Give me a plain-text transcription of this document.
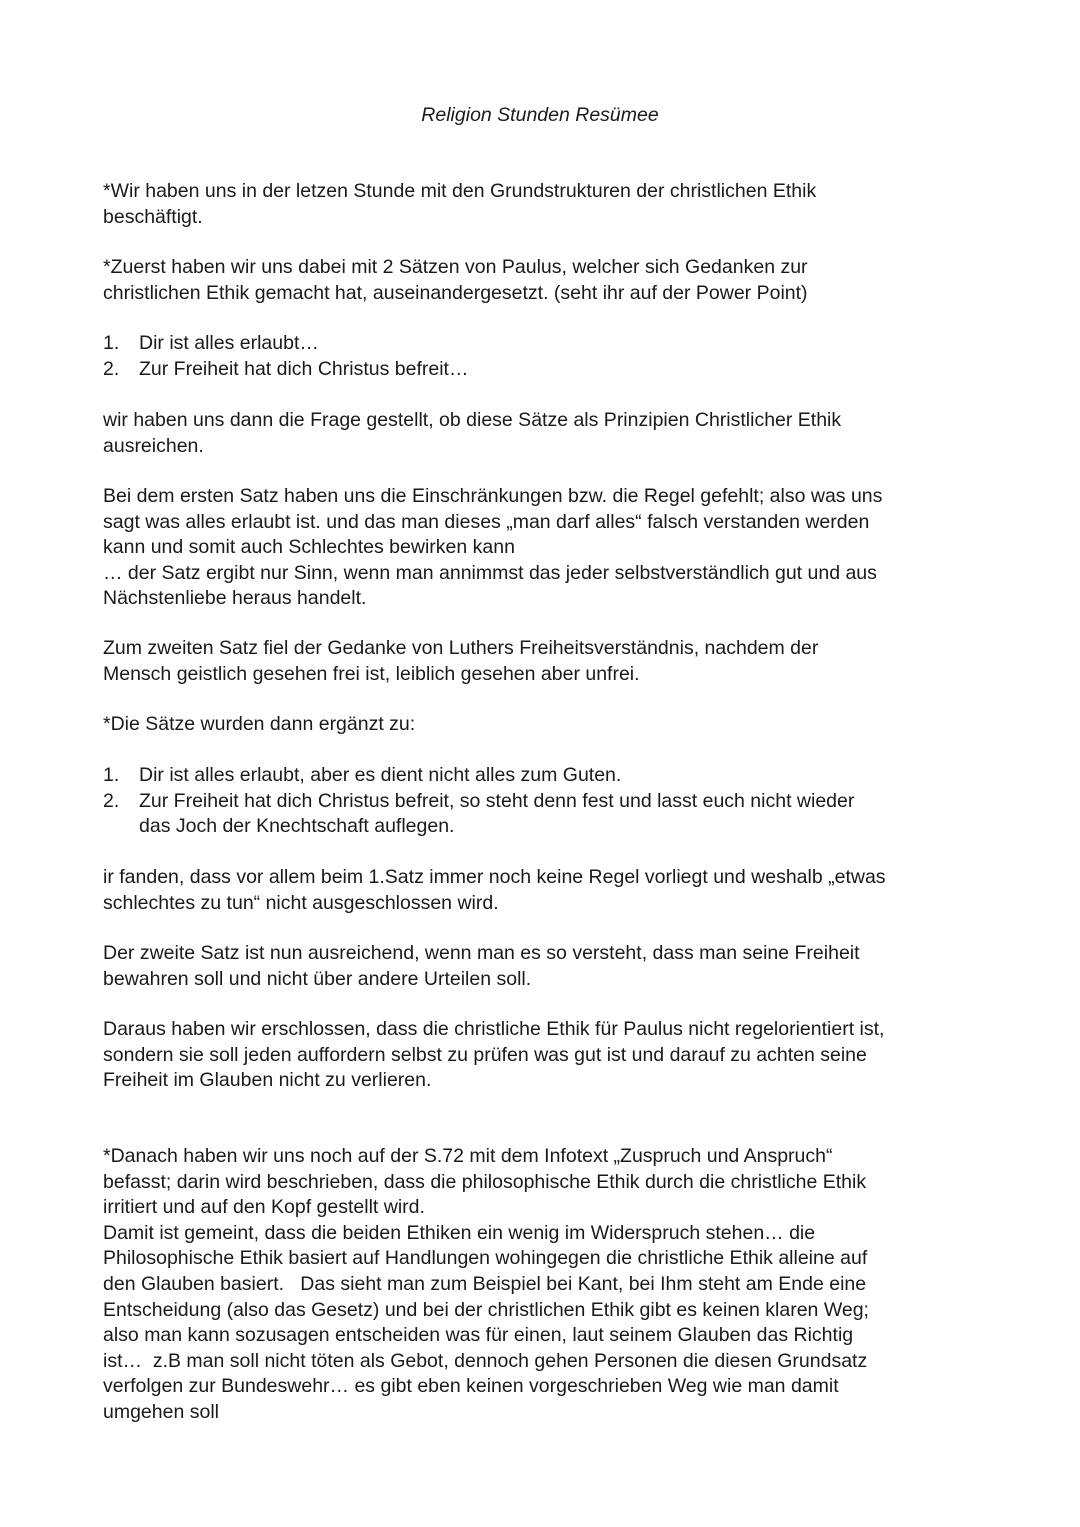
Religion Stunden Resümee

*Wir haben uns in der letzen Stunde mit den Grundstrukturen der christlichen Ethik
beschäftigt.

*Zuerst haben wir uns dabei mit 2 Sätzen von Paulus, welcher sich Gedanken zur
christlichen Ethik gemacht hat, auseinandergesetzt. (seht ihr auf der Power Point)

1. Dir ist alles erlaubt…
2. Zur Freiheit hat dich Christus befreit…

wir haben uns dann die Frage gestellt, ob diese Sätze als Prinzipien Christlicher Ethik
ausreichen.

Bei dem ersten Satz haben uns die Einschränkungen bzw. die Regel gefehlt; also was uns
sagt was alles erlaubt ist. und das man dieses „man darf alles“ falsch verstanden werden
kann und somit auch Schlechtes bewirken kann
… der Satz ergibt nur Sinn, wenn man annimmst das jeder selbstverständlich gut und aus
Nächstenliebe heraus handelt.

Zum zweiten Satz fiel der Gedanke von Luthers Freiheitsverständnis, nachdem der
Mensch geistlich gesehen frei ist, leiblich gesehen aber unfrei.

*Die Sätze wurden dann ergänzt zu:

1. Dir ist alles erlaubt, aber es dient nicht alles zum Guten.
2. Zur Freiheit hat dich Christus befreit, so steht denn fest und lasst euch nicht wieder
das Joch der Knechtschaft auflegen.

ir fanden, dass vor allem beim 1.Satz immer noch keine Regel vorliegt und weshalb „etwas
schlechtes zu tun“ nicht ausgeschlossen wird.

Der zweite Satz ist nun ausreichend, wenn man es so versteht, dass man seine Freiheit
bewahren soll und nicht über andere Urteilen soll.

Daraus haben wir erschlossen, dass die christliche Ethik für Paulus nicht regelorientiert ist,
sondern sie soll jeden auffordern selbst zu prüfen was gut ist und darauf zu achten seine
Freiheit im Glauben nicht zu verlieren.

*Danach haben wir uns noch auf der S.72 mit dem Infotext „Zuspruch und Anspruch“
befasst; darin wird beschrieben, dass die philosophische Ethik durch die christliche Ethik
irritiert und auf den Kopf gestellt wird.
Damit ist gemeint, dass die beiden Ethiken ein wenig im Widerspruch stehen… die
Philosophische Ethik basiert auf Handlungen wohingegen die christliche Ethik alleine auf
den Glauben basiert.   Das sieht man zum Beispiel bei Kant, bei Ihm steht am Ende eine
Entscheidung (also das Gesetz) und bei der christlichen Ethik gibt es keinen klaren Weg;
also man kann sozusagen entscheiden was für einen, laut seinem Glauben das Richtig
ist…  z.B man soll nicht töten als Gebot, dennoch gehen Personen die diesen Grundsatz
verfolgen zur Bundeswehr… es gibt eben keinen vorgeschrieben Weg wie man damit
umgehen soll
